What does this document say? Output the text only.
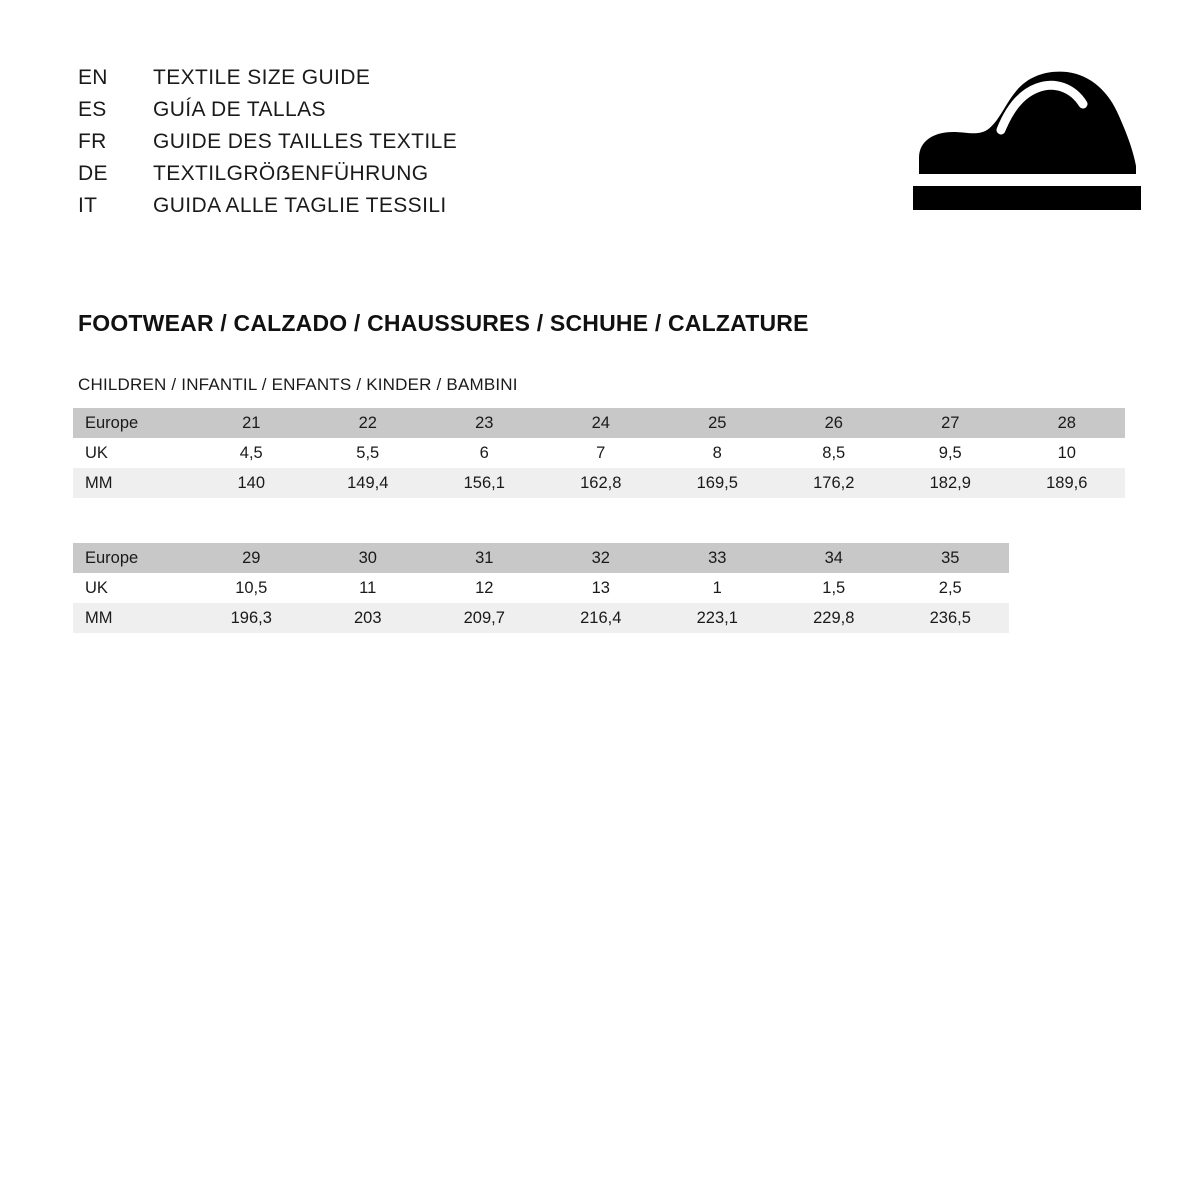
EN	TEXTILE SIZE GUIDE
ES	GUÍA DE TALLAS
FR	GUIDE DES TAILLES TEXTILE
DE	TEXTILGRÖẞENFÜHRUNG
IT	GUIDA ALLE TAGLIE TESSILI
FOOTWEAR / CALZADO / CHAUSSURES / SCHUHE / CALZATURE
CHILDREN / INFANTIL / ENFANTS / KINDER / BAMBINI
Europe	21	22	23	24	25	26	27	28
UK	4,5	5,5	6	7	8	8,5	9,5	10
MM	140	149,4	156,1	162,8	169,5	176,2	182,9	189,6
Europe	29	30	31	32	33	34	35	
UK	10,5	11	12	13	1	1,5	2,5	
MM	196,3	203	209,7	216,4	223,1	229,8	236,5	
